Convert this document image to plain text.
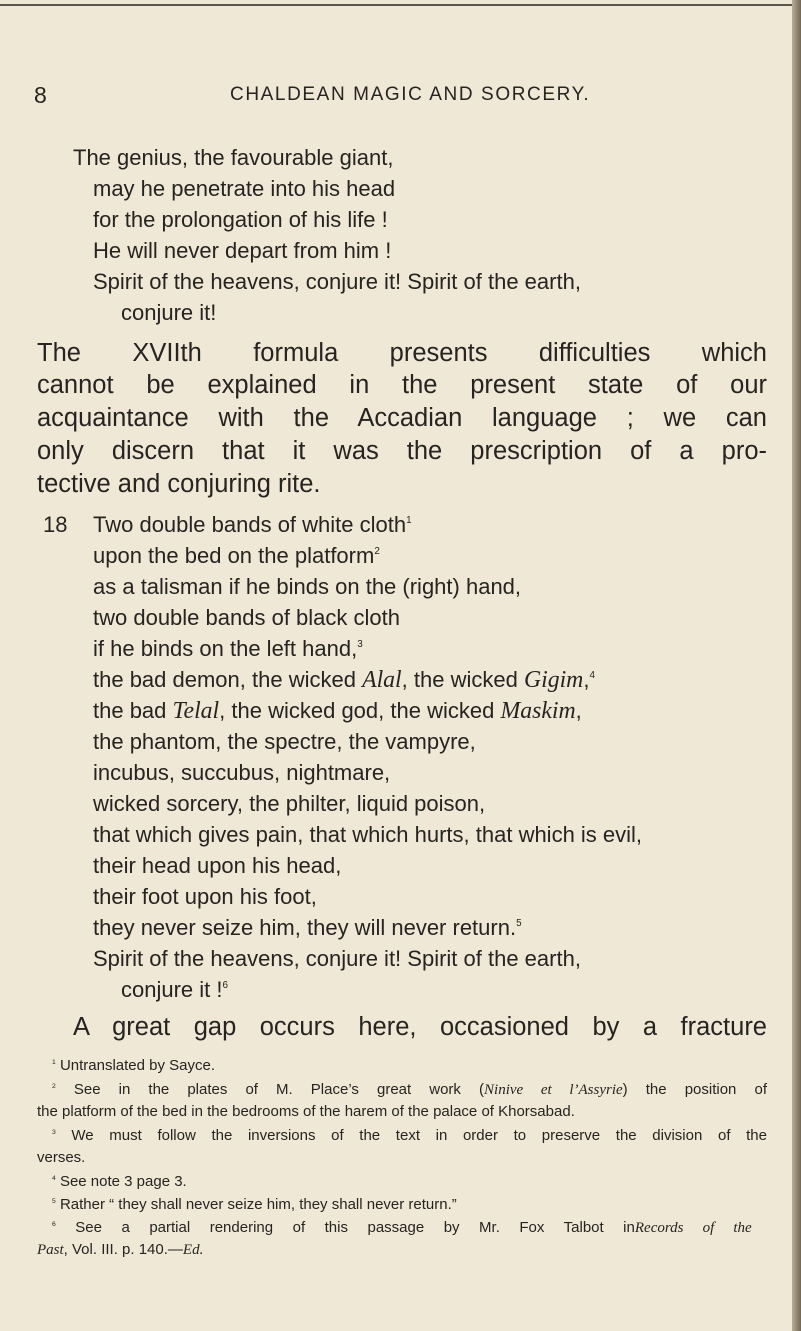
8	CHALDEAN MAGIC AND SORCERY.
The genius, the favourable giant,
may he penetrate into his head
for the prolongation of his life !
He will never depart from him !
Spirit of the heavens, conjure it! Spirit of the earth,
conjure it!
The XVIIth formula presents difficulties which
cannot be explained in the present state of our
acquaintance with the Accadian language ; we can
only discern that it was the prescription of a pro-
tective and conjuring rite.
18 Two double bands of white cloth$^1$
upon the bed on the platform$^2$
as a talisman if he binds on the (right) hand,
two double bands of black cloth
if he binds on the left hand,$^3$
the bad demon, the wicked Alal, the wicked Gigim,$^4$
the bad Telal, the wicked god, the wicked Maskim,
the phantom, the spectre, the vampyre,
incubus, succubus, nightmare,
wicked sorcery, the philter, liquid poison,
that which gives pain, that which hurts, that which is evil,
their head upon his head,
their foot upon his foot,
they never seize him, they will never return.$^5$
Spirit of the heavens, conjure it! Spirit of the earth,
conjure it !$^6$
A great gap occurs here, occasioned by a fracture
$^1$ Untranslated by Sayce.
$^2$ See in the plates of M. Place’s great work (Ninive et l’Assyrie) the position of
the platform of the bed in the bedrooms of the harem of the palace of Khorsabad.
$^3$ We must follow the inversions of the text in order to preserve the division of the
verses.
$^4$ See note 3 page 3.
$^5$ Rather “ they shall never seize him, they shall never return.”
$^6$ See a partial rendering of this passage by Mr. Fox Talbot inRecords of the
Past, Vol. III. p. 140.—Ed.
